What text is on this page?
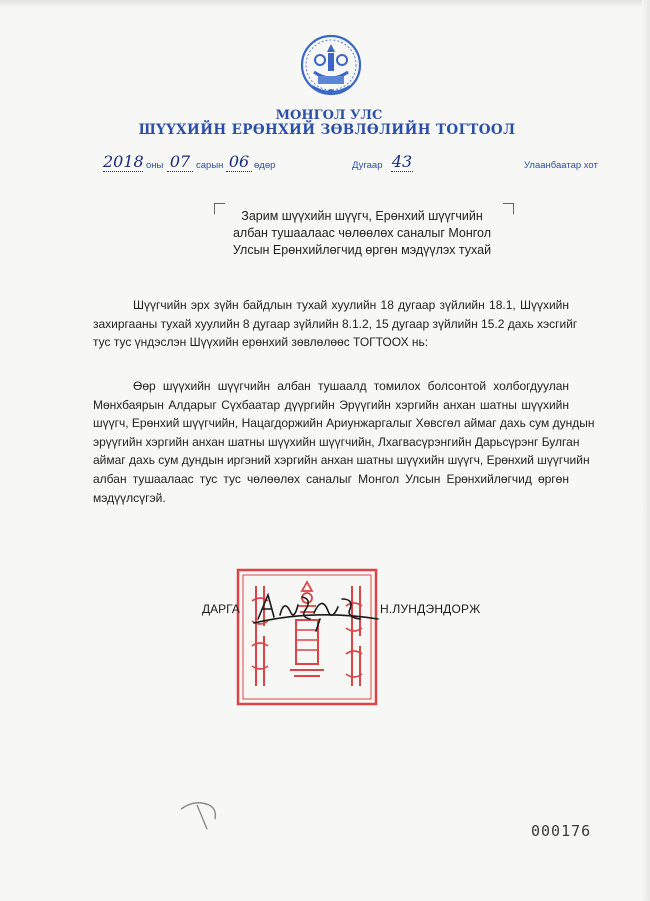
МОНГОЛ УЛС
ШҮҮХИЙН ЕРӨНХИЙ ЗӨВЛӨЛИЙН ТОГТООЛ
2018 оны 07 сарын 06 өдөр	Дугаар 43	Улаанбаатар хот
Зарим шүүхийн шүүгч, Ерөнхий шүүгчийн
албан тушаалаас чөлөөлөх саналыг Монгол
Улсын Ерөнхийлөгчид өргөн мэдүүлэх тухай
Шүүгчийн эрх зүйн байдлын тухай хуулийн 18 дугаар зүйлийн 18.1, Шүүхийн
захиргааны тухай хуулийн 8 дугаар зүйлийн 8.1.2, 15 дугаар зүйлийн 15.2 дахь хэсгийг
тус тус үндэслэн Шүүхийн ерөнхий зөвлөлөөс ТОГТООХ нь:
Өөр шүүхийн шүүгчийн албан тушаалд томилох болсонтой холбогдуулан
Мөнхбаярын Алдарыг Сүхбаатар дүүргийн Эрүүгийн хэргийн анхан шатны шүүхийн
шүүгч, Ерөнхий шүүгчийн, Нацагдоржийн Ариунжаргалыг Хөвсгөл аймаг дахь сум дундын
эрүүгийн хэргийн анхан шатны шүүхийн шүүгчийн, Лхагвасүрэнгийн Дарьсүрэнг Булган
аймаг дахь сум дундын иргэний хэргийн анхан шатны шүүхийн шүүгч, Ерөнхий шүүгчийн
албан тушаалаас тус тус чөлөөлөх саналыг Монгол Улсын Ерөнхийлөгчид өргөн
мэдүүлсүгэй.
ДАРГА	Н.ЛУНДЭНДОРЖ
000176
